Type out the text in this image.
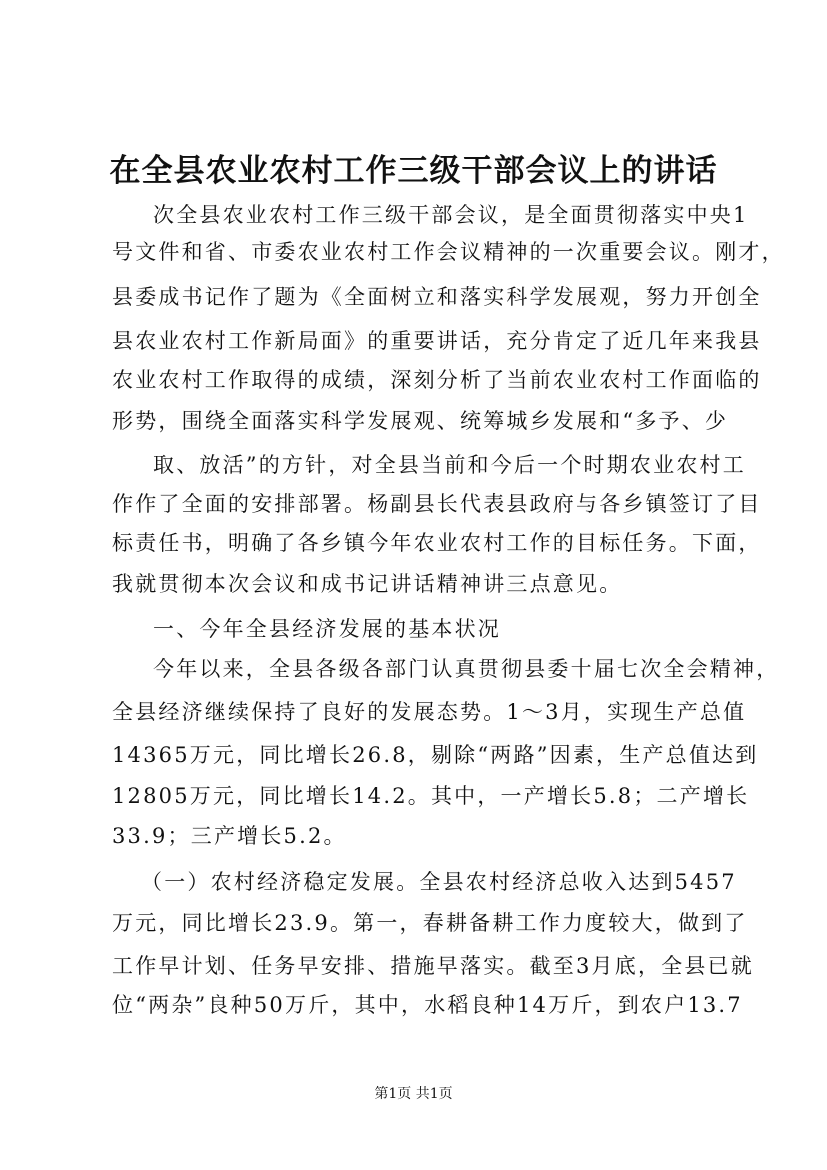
在全县农业农村工作三级干部会议上的讲话
次全县农业农村工作三级干部会议，是全面贯彻落实中央1
号文件和省、市委农业农村工作会议精神的一次重要会议。刚才，
县委成书记作了题为《全面树立和落实科学发展观，努力开创全
县农业农村工作新局面》的重要讲话，充分肯定了近几年来我县
农业农村工作取得的成绩，深刻分析了当前农业农村工作面临的
形势，围绕全面落实科学发展观、统筹城乡发展和“多予、少
取、放活”的方针，对全县当前和今后一个时期农业农村工
作作了全面的安排部署。杨副县长代表县政府与各乡镇签订了目
标责任书，明确了各乡镇今年农业农村工作的目标任务。下面，
我就贯彻本次会议和成书记讲话精神讲三点意见。
一、今年全县经济发展的基本状况
今年以来，全县各级各部门认真贯彻县委十届七次全会精神，
全县经济继续保持了良好的发展态势。1～3月，实现生产总值
14365万元，同比增长26.8，剔除“两路”因素，生产总值达到
12805万元，同比增长14.2。其中，一产增长5.8；二产增长
33.9；三产增长5.2。
（一）农村经济稳定发展。全县农村经济总收入达到5457
万元，同比增长23.9。第一，春耕备耕工作力度较大，做到了
工作早计划、任务早安排、措施早落实。截至3月底，全县已就
位“两杂”良种50万斤，其中，水稻良种14万斤，到农户13.7
第1页 共1页
